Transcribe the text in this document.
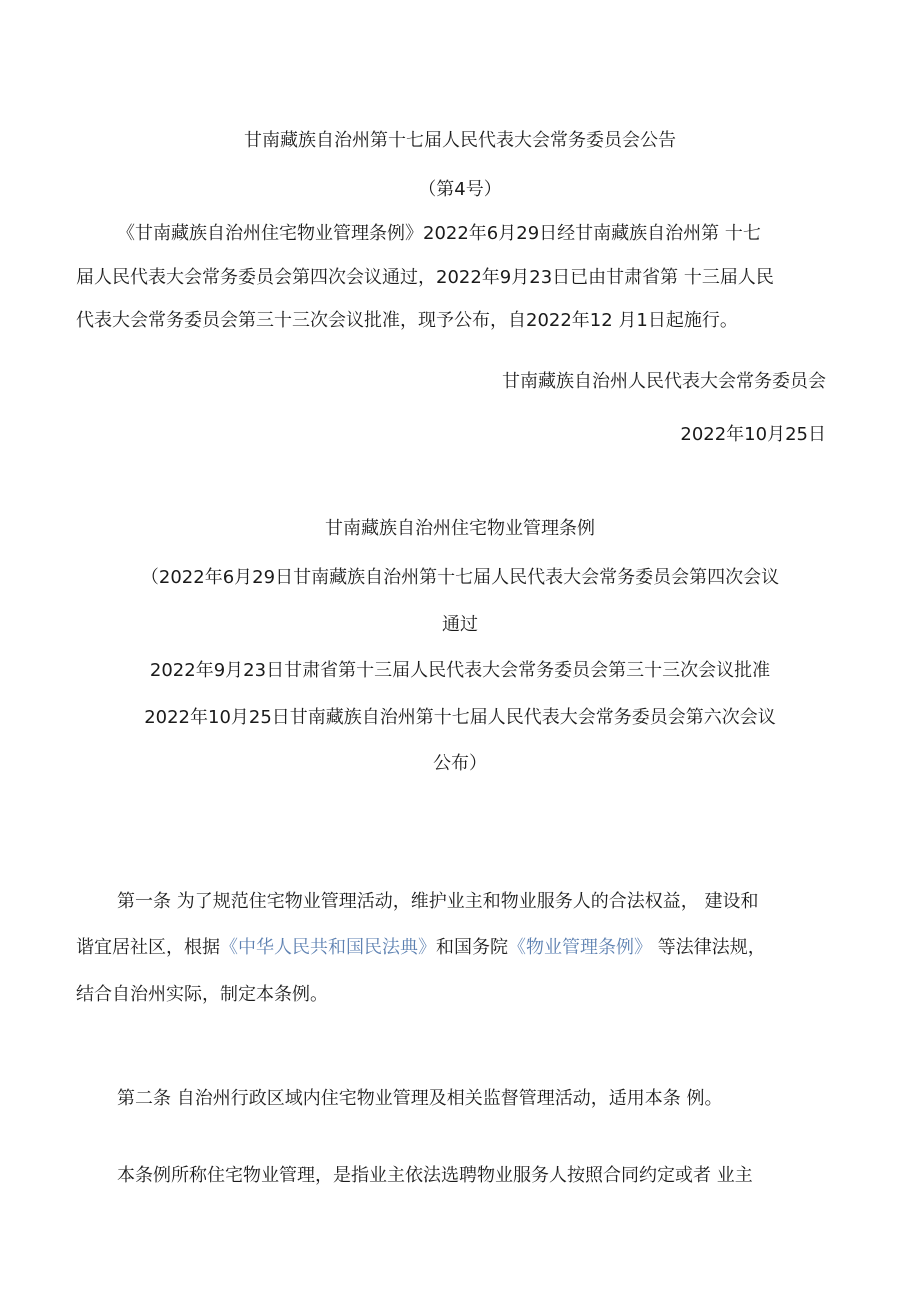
甘南藏族自治州第十七届人民代表大会常务委员会公告

（第4号）

《甘南藏族自治州住宅物业管理条例》2022年6月29日经甘南藏族自治州第 十七

届人民代表大会常务委员会第四次会议通过，2022年9月23日已由甘肃省第 十三届人民

代表大会常务委员会第三十三次会议批准，现予公布，自2022年12 月1日起施行。

甘南藏族自治州人民代表大会常务委员会

2022年10月25日

甘南藏族自治州住宅物业管理条例

（2022年6月29日甘南藏族自治州第十七届人民代表大会常务委员会第四次会议

通过

2022年9月23日甘肃省第十三届人民代表大会常务委员会第三十三次会议批准

2022年10月25日甘南藏族自治州第十七届人民代表大会常务委员会第六次会议

公布）

第一条 为了规范住宅物业管理活动，维护业主和物业服务人的合法权益， 建设和

谐宜居社区，根据《中华人民共和国民法典》和国务院《物业管理条例》 等法律法规，

结合自治州实际，制定本条例。

第二条 自治州行政区域内住宅物业管理及相关监督管理活动，适用本条 例。

本条例所称住宅物业管理，是指业主依法选聘物业服务人按照合同约定或者 业主
